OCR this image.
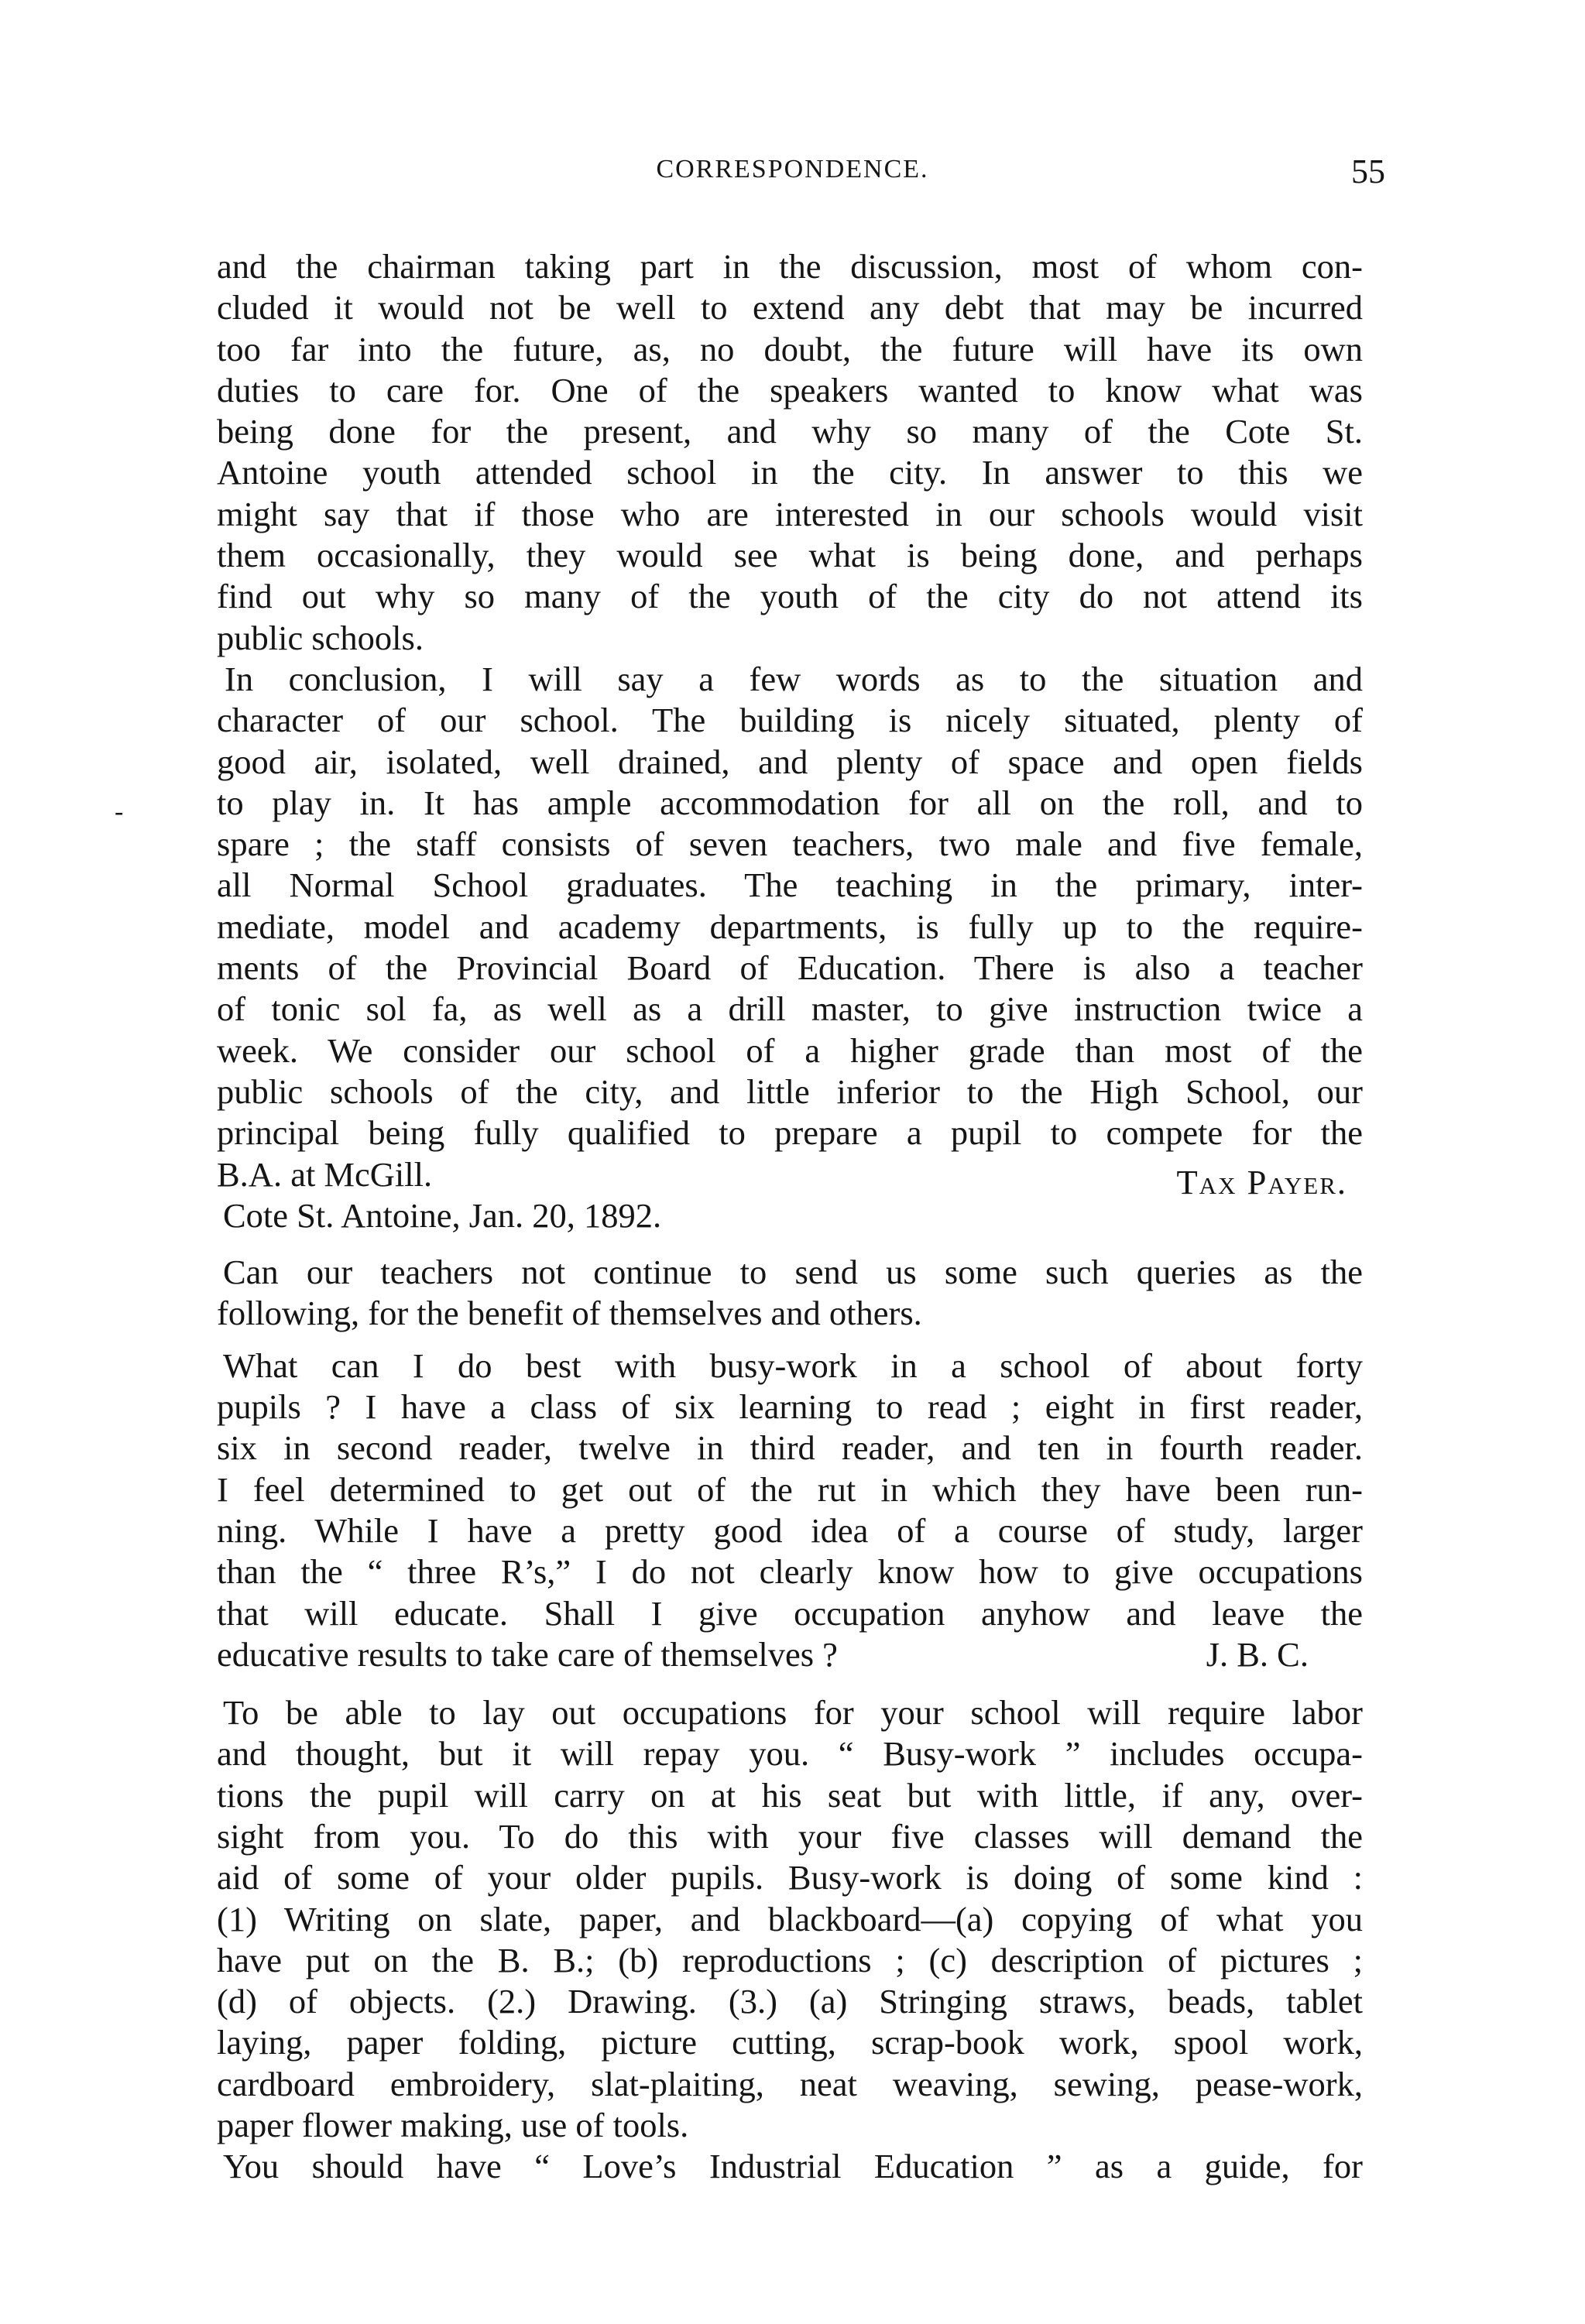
CORRESPONDENCE.	55
-
and the chairman taking part in the discussion, most of whom con-
cluded it would not be well to extend any debt that may be incurred
too far into the future, as, no doubt, the future will have its own
duties to care for. One of the speakers wanted to know what was
being done for the present, and why so many of the Cote St.
Antoine youth attended school in the city. In answer to this we
might say that if those who are interested in our schools would visit
them occasionally, they would see what is being done, and perhaps
find out why so many of the youth of the city do not attend its
public schools.
In conclusion, I will say a few words as to the situation and
character of our school. The building is nicely situated, plenty of
good air, isolated, well drained, and plenty of space and open fields
to play in. It has ample accommodation for all on the roll, and to
spare ; the staff consists of seven teachers, two male and five female,
all Normal School graduates. The teaching in the primary, inter-
mediate, model and academy departments, is fully up to the require-
ments of the Provincial Board of Education. There is also a teacher
of tonic sol fa, as well as a drill master, to give instruction twice a
week. We consider our school of a higher grade than most of the
public schools of the city, and little inferior to the High School, our
principal being fully qualified to prepare a pupil to compete for the
B.A. at McGill.	Tax Payer.
Cote St. Antoine, Jan. 20, 1892.
Can our teachers not continue to send us some such queries as the
following, for the benefit of themselves and others.
What can I do best with busy-work in a school of about forty
pupils ? I have a class of six learning to read ; eight in first reader,
six in second reader, twelve in third reader, and ten in fourth reader.
I feel determined to get out of the rut in which they have been run-
ning. While I have a pretty good idea of a course of study, larger
than the “ three R’s,” I do not clearly know how to give occupations
that will educate. Shall I give occupation anyhow and leave the
educative results to take care of themselves ?	J. B. C.
To be able to lay out occupations for your school will require labor
and thought, but it will repay you. “ Busy-work ” includes occupa-
tions the pupil will carry on at his seat but with little, if any, over-
sight from you. To do this with your five classes will demand the
aid of some of your older pupils. Busy-work is doing of some kind :
(1) Writing on slate, paper, and blackboard—(a) copying of what you
have put on the B. B.; (b) reproductions ; (c) description of pictures ;
(d) of objects. (2.) Drawing. (3.) (a) Stringing straws, beads, tablet
laying, paper folding, picture cutting, scrap-book work, spool work,
cardboard embroidery, slat-plaiting, neat weaving, sewing, pease-work,
paper flower making, use of tools.
You should have “ Love’s Industrial Education ” as a guide, for
